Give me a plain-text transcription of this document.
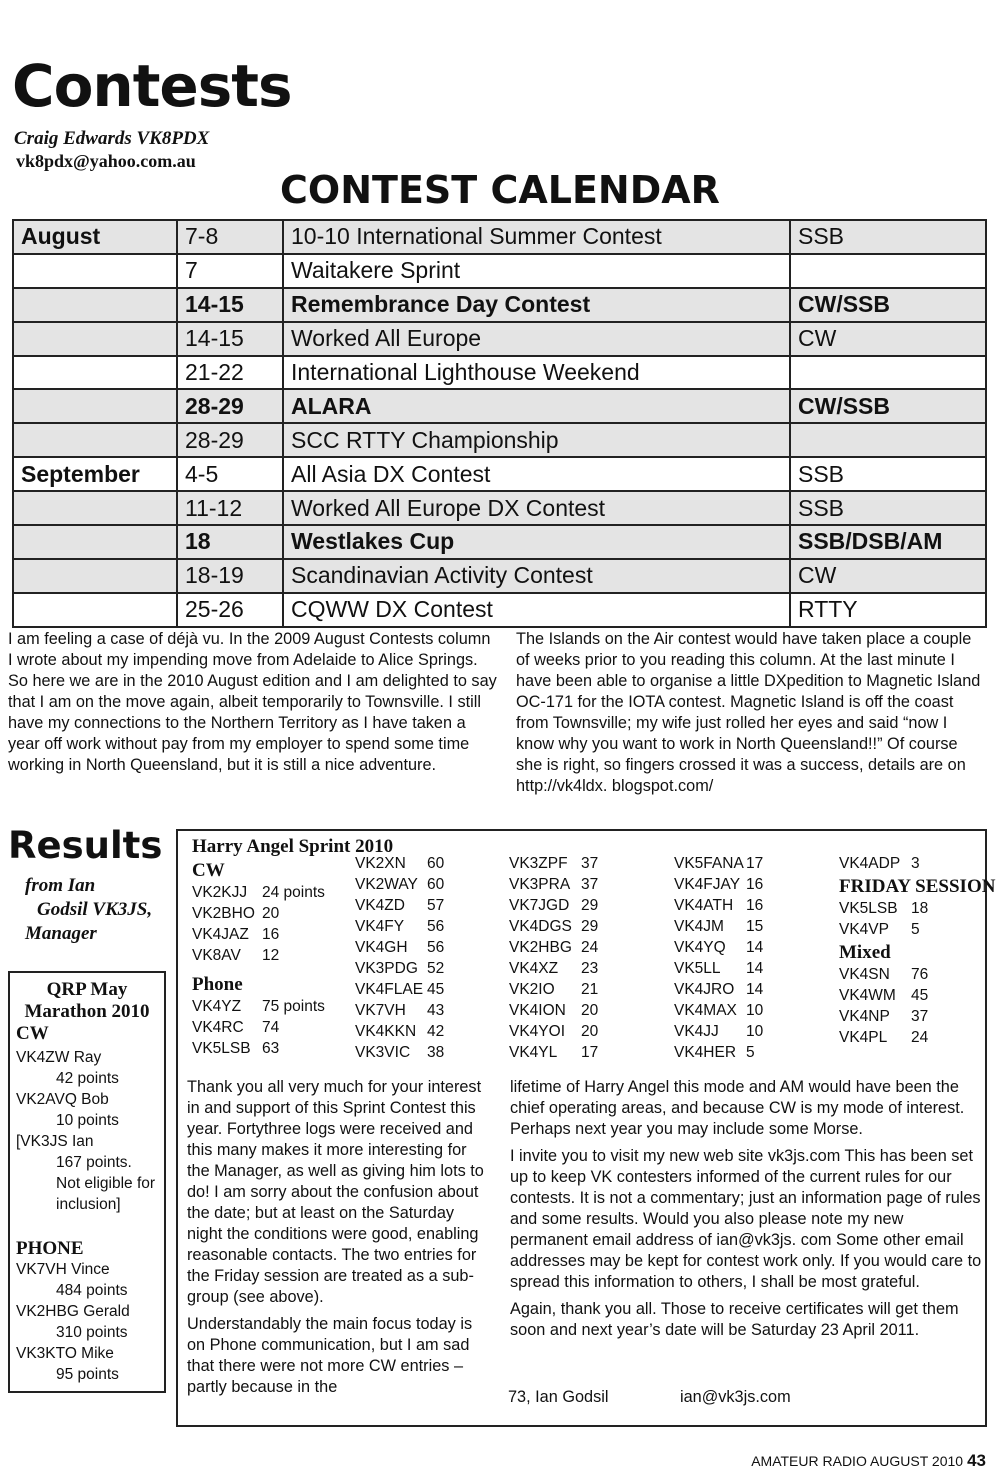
Contests
Craig Edwards VK8PDX
vk8pdx@yahoo.com.au
CONTEST CALENDAR
August	7-8	10-10 International Summer Contest	SSB
	7	Waitakere Sprint	
	14-15	Remembrance Day Contest	CW/SSB
	14-15	Worked All Europe	CW
	21-22	International Lighthouse Weekend	
	28-29	ALARA	CW/SSB
	28-29	SCC RTTY Championship	
September	4-5	All Asia DX Contest	SSB
	11-12	Worked All Europe DX Contest	SSB
	18	Westlakes Cup	SSB/DSB/AM
	18-19	Scandinavian Activity Contest	CW
	25-26	CQWW DX Contest	RTTY
I am feeling a case of déjà vu. In the 2009 August Contests column I wrote about my impending move from Adelaide to Alice Springs. So here we are in the 2010 August edition and I am delighted to say that I am on the move again, albeit temporarily to Townsville. I still have my connections to the Northern Territory as I have taken a year off work without pay from my employer to spend some time working in North Queensland, but it is still a nice adventure.
The Islands on the Air contest would have taken place a couple of weeks prior to you reading this column. At the last minute I have been able to organise a little DXpedition to Magnetic Island OC-171 for the IOTA contest. Magnetic Island is off the coast from Townsville; my wife just rolled her eyes and said “now I know why you want to work in North Queensland!!” Of course she is right, so fingers crossed it was a success, details are on http://vk4ldx. blogspot.com/
Results
from Ian
Godsil VK3JS,
Manager
QRP May
Marathon 2010
CW
VK4ZW Ray
42 points
VK2AVQ Bob
10 points
[VK3JS Ian
167 points.
Not eligible for
inclusion]
PHONE
VK7VH Vince
484 points
VK2HBG Gerald
310 points
VK3KTO Mike
95 points
Harry Angel Sprint 2010
CW
Phone
FRIDAY SESSION
Mixed
VK2KJJ 24 points
VK2BHO 20
VK4JAZ 16
VK8AV 12
VK4YZ 75 points
VK4RC 74
VK5LSB 63
VK2XN 60
VK2WAY 60
VK4ZD 57
VK4FY 56
VK4GH 56
VK3PDG 52
VK4FLAE 45
VK7VH 43
VK4KKN 42
VK3VIC 38
VK3ZPF 37
VK3PRA 37
VK7JGD 29
VK4DGS 29
VK2HBG 24
VK4XZ 23
VK2IO 21
VK4ION 20
VK4YOI 20
VK4YL 17
VK5FANA 17
VK4FJAY 16
VK4ATH 16
VK4JM 15
VK4YQ 14
VK5LL 14
VK4JRO 14
VK4MAX 10
VK4JJ 10
VK4HER 5
VK4ADP 3
VK5LSB 18
VK4VP 5
VK4SN 76
VK4WM 45
VK4NP 37
VK4PL 24

Thank you all very much for your interest in and support of this Sprint Contest this year. Fortythree logs were received and this many makes it more interesting for the Manager, as well as giving him lots to do! I am sorry about the confusion about the date; but at least on the Saturday night the conditions were good, enabling reasonable contacts. The two entries for the Friday session are treated as a sub-group (see above).

Understandably the main focus today is on Phone communication, but I am sad that there were not more CW entries – partly because in the

lifetime of Harry Angel this mode and AM would have been the chief operating areas, and because CW is my mode of interest. Perhaps next year you may include some Morse.

I invite you to visit my new web site vk3js.com This has been set up to keep VK contesters informed of the current rules for our contests. It is not a commentary; just an information page of rules and some results. Would you also please note my new permanent email address of ian@vk3js. com Some other email addresses may be kept for contest work only. If you would care to spread this information to others, I shall be most grateful.

Again, thank you all. Those to receive certificates will get them soon and next year’s date will be Saturday 23 April 2011.

73, Ian Godsil	ian@vk3js.com
AMATEUR RADIO AUGUST 2010 43
